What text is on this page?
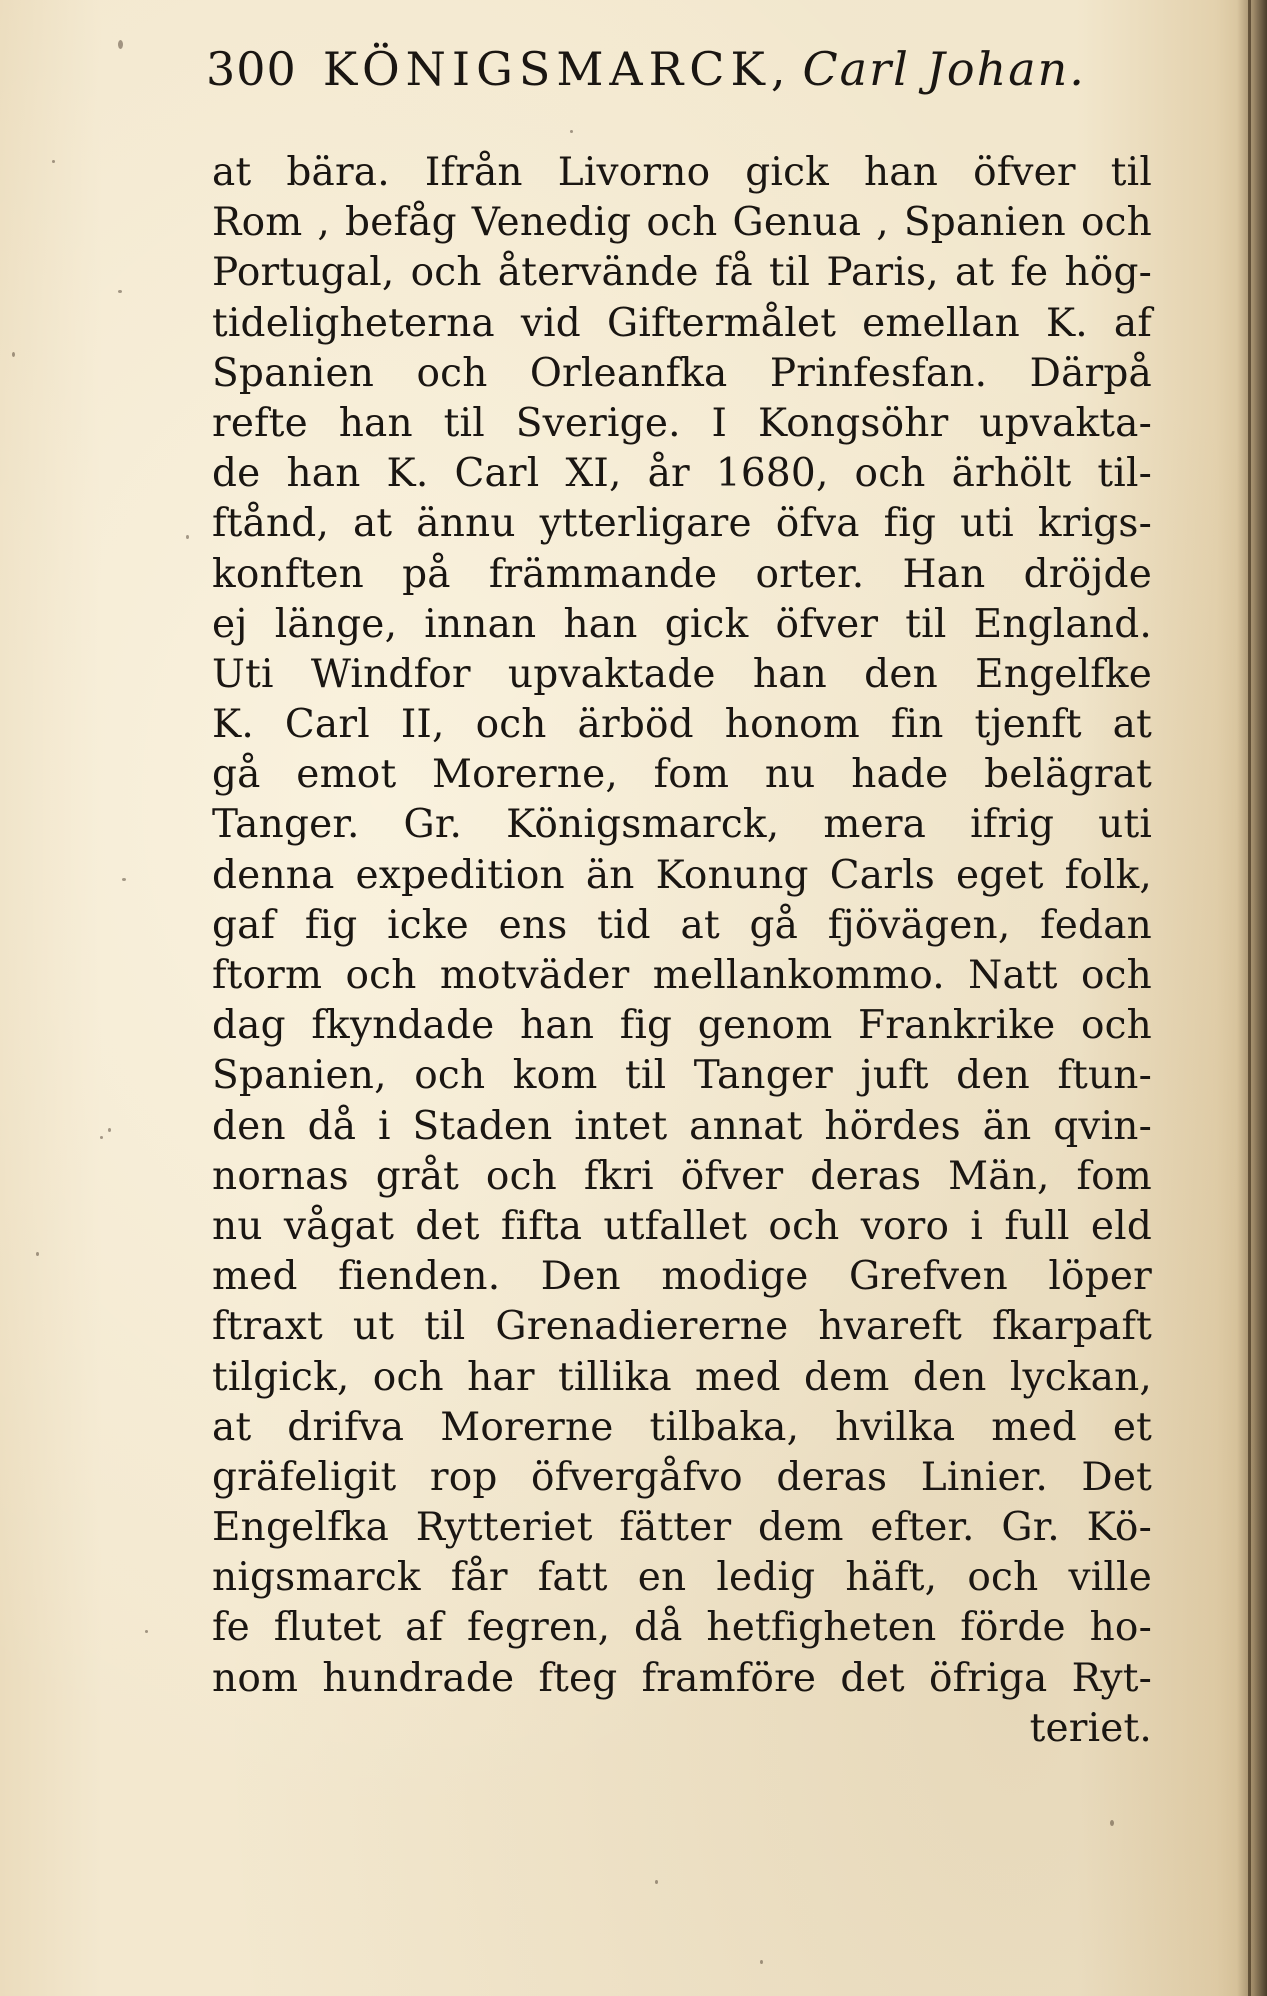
300 KÖNIGSMARCK , Carl Johan.
at bära. Ifrån Livorno gick han öfver til
Rom , befåg Venedig och Genua , Spanien och
Portugal, och återvände få til Paris, at fe hög-
tideligheterna vid Giftermålet emellan K. af
Spanien och Orleanfka Prinfesfan. Därpå
refte han til Sverige. I Kongsöhr upvakta-
de han K. Carl XI, år 1680, och ärhölt til-
ftånd, at ännu ytterligare öfva fig uti krigs-
konften på främmande orter. Han dröjde
ej länge, innan han gick öfver til England.
Uti Windfor upvaktade han den Engelfke
K. Carl II, och ärböd honom fin tjenft at
gå emot Morerne, fom nu hade belägrat
Tanger. Gr. Königsmarck, mera ifrig uti
denna expedition än Konung Carls eget folk,
gaf fig icke ens tid at gå fjövägen, fedan
ftorm och motväder mellankommo. Natt och
dag fkyndade han fig genom Frankrike och
Spanien, och kom til Tanger juft den ftun-
den då i Staden intet annat hördes än qvin-
nornas gråt och fkri öfver deras Män, fom
nu vågat det fifta utfallet och voro i full eld
med fienden. Den modige Grefven löper
ftraxt ut til Grenadiererne hvareft fkarpaft
tilgick, och har tillika med dem den lyckan,
at drifva Morerne tilbaka, hvilka med et
gräfeligit rop öfvergåfvo deras Linier. Det
Engelfka Rytteriet fätter dem efter. Gr. Kö-
nigsmarck får fatt en ledig häft, och ville
fe flutet af fegren, då hetfigheten förde ho-
nom hundrade fteg framföre det öfriga Ryt-
teriet.
